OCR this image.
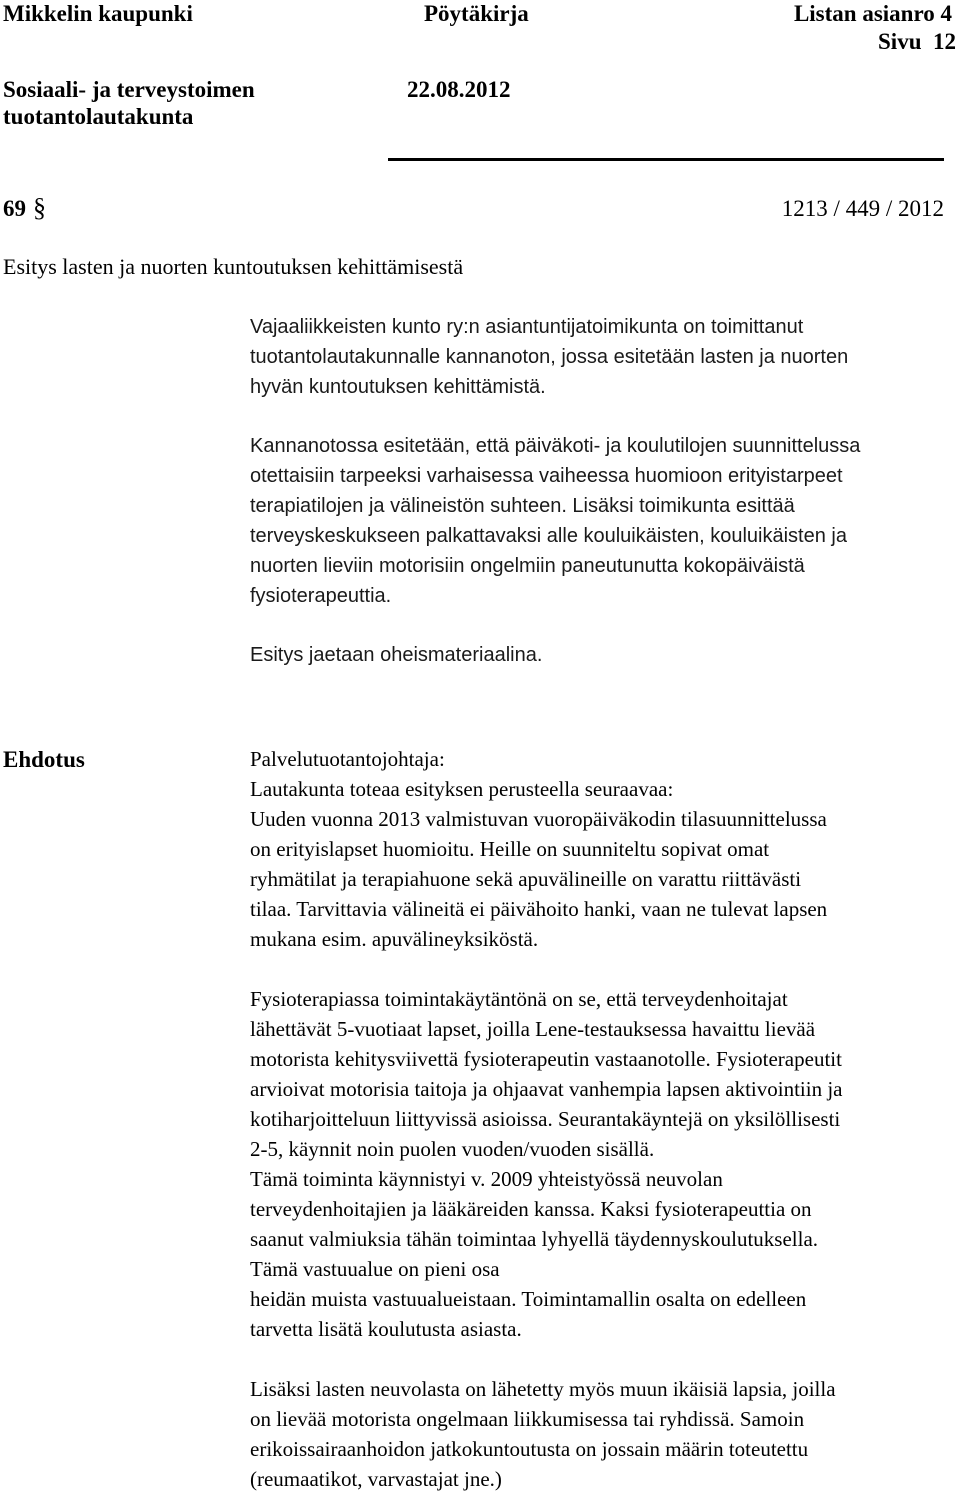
Mikkelin kaupunki	Pöytäkirja	Listan asianro 4
Sivu  12
Sosiaali- ja terveystoimen
tuotantolautakunta
22.08.2012
69 §	1213 / 449 / 2012
Esitys lasten ja nuorten kuntoutuksen kehittämisestä
Vajaaliikkeisten kunto ry:n asiantuntijatoimikunta on toimittanut
tuotantolautakunnalle kannanoton, jossa esitetään lasten ja nuorten
hyvän kuntoutuksen kehittämistä.
Kannanotossa esitetään, että päiväkoti- ja koulutilojen suunnittelussa
otettaisiin tarpeeksi varhaisessa vaiheessa huomioon erityistarpeet
terapiatilojen ja välineistön suhteen. Lisäksi toimikunta esittää
terveyskeskukseen palkattavaksi alle kouluikäisten, kouluikäisten ja
nuorten lieviin motorisiin ongelmiin paneutunutta kokopäiväistä
fysioterapeuttia.
Esitys jaetaan oheismateriaalina.
Ehdotus	Palvelutuotantojohtaja:
Lautakunta toteaa esityksen perusteella seuraavaa:
Uuden vuonna 2013 valmistuvan vuoropäiväkodin tilasuunnittelussa
on erityislapset huomioitu. Heille on suunniteltu sopivat omat
ryhmätilat ja terapiahuone sekä apuvälineille on varattu riittävästi
tilaa. Tarvittavia välineitä ei päivähoito hanki, vaan ne tulevat lapsen
mukana esim. apuvälineyksiköstä.
Fysioterapiassa toimintakäytäntönä on se, että terveydenhoitajat
lähettävät 5-vuotiaat lapset, joilla Lene-testauksessa havaittu lievää
motorista kehitysviivettä fysioterapeutin vastaanotolle. Fysioterapeutit
arvioivat motorisia taitoja ja ohjaavat vanhempia lapsen aktivointiin ja
kotiharjoitteluun liittyvissä asioissa. Seurantakäyntejä on yksilöllisesti
2-5, käynnit noin puolen vuoden/vuoden sisällä.
Tämä toiminta käynnistyi v. 2009 yhteistyössä neuvolan
terveydenhoitajien ja lääkäreiden kanssa. Kaksi fysioterapeuttia on
saanut valmiuksia tähän toimintaa lyhyellä täydennyskoulutuksella.
Tämä vastuualue on pieni osa
heidän muista vastuualueistaan. Toimintamallin osalta on edelleen
tarvetta lisätä koulutusta asiasta.
Lisäksi lasten neuvolasta on lähetetty myös muun ikäisiä lapsia, joilla
on lievää motorista ongelmaan liikkumisessa tai ryhdissä. Samoin
erikoissairaanhoidon jatkokuntoutusta on jossain määrin toteutettu
(reumaatikot, varvastajat jne.)
